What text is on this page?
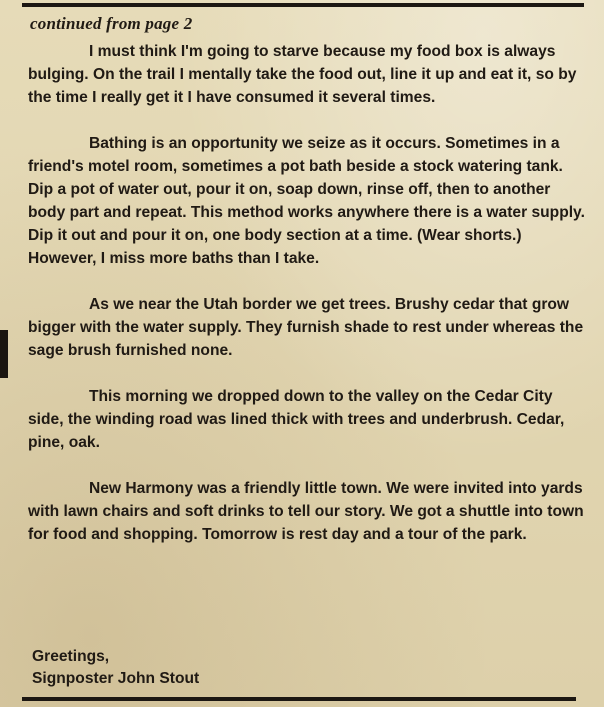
continued from page 2

I must think I'm going to starve because my food box is always bulging. On the trail I mentally take the food out, line it up and eat it, so by the time I really get it I have consumed it several times.

Bathing is an opportunity we seize as it occurs. Sometimes in a friend's motel room, sometimes a pot bath beside a stock watering tank. Dip a pot of water out, pour it on, soap down, rinse off, then to another body part and repeat. This method works anywhere there is a water supply. Dip it out and pour it on, one body section at a time. (Wear shorts.) However, I miss more baths than I take.

As we near the Utah border we get trees. Brushy cedar that grow bigger with the water supply. They furnish shade to rest under whereas the sage brush furnished none.

This morning we dropped down to the valley on the Cedar City side, the winding road was lined thick with trees and underbrush. Cedar, pine, oak.

New Harmony was a friendly little town. We were invited into yards with lawn chairs and soft drinks to tell our story. We got a shuttle into town for food and shopping. Tomorrow is rest day and a tour of the park.

Greetings,
Signposter John Stout
